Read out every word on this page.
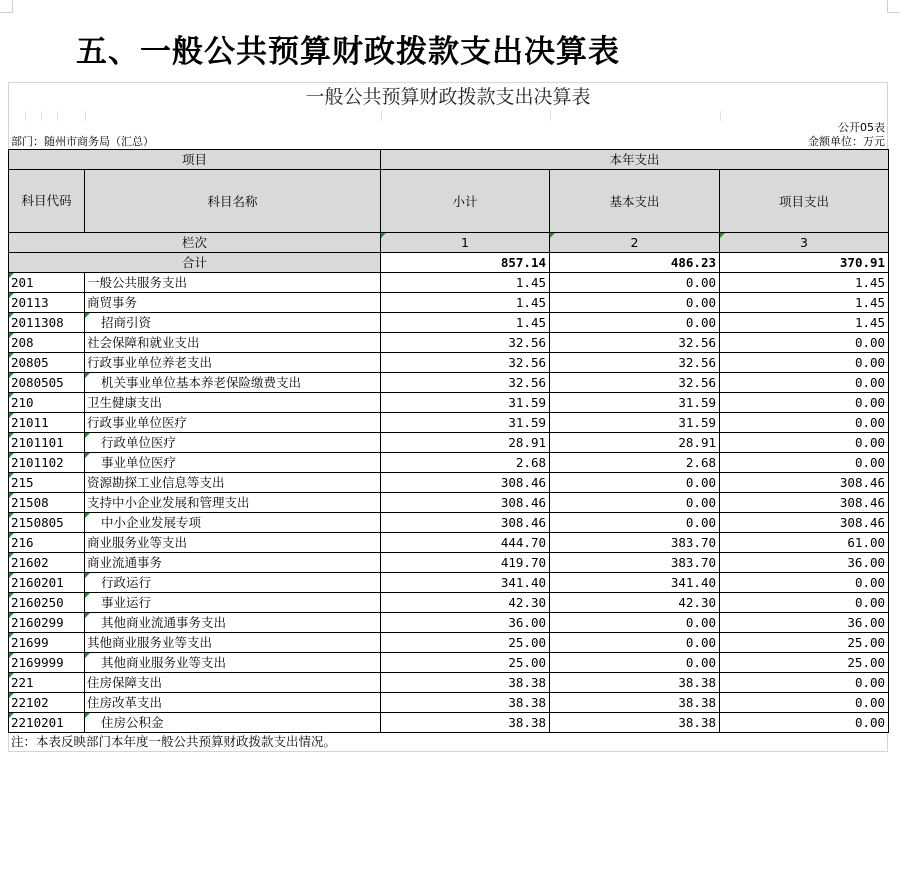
五、一般公共预算财政拨款支出决算表
一般公共预算财政拨款支出决算表
公开05表
部门：随州市商务局（汇总）	金额单位：万元
项目		本年支出		
科目代码	科目名称	小计	基本支出	项目支出
栏次		1	2	3
合计		857.14	486.23	370.91
201	一般公共服务支出	1.45	0.00	1.45
20113	商贸事务	1.45	0.00	1.45
2011308	招商引资	1.45	0.00	1.45
208	社会保障和就业支出	32.56	32.56	0.00
20805	行政事业单位养老支出	32.56	32.56	0.00
2080505	机关事业单位基本养老保险缴费支出	32.56	32.56	0.00
210	卫生健康支出	31.59	31.59	0.00
21011	行政事业单位医疗	31.59	31.59	0.00
2101101	行政单位医疗	28.91	28.91	0.00
2101102	事业单位医疗	2.68	2.68	0.00
215	资源勘探工业信息等支出	308.46	0.00	308.46
21508	支持中小企业发展和管理支出	308.46	0.00	308.46
2150805	中小企业发展专项	308.46	0.00	308.46
216	商业服务业等支出	444.70	383.70	61.00
21602	商业流通事务	419.70	383.70	36.00
2160201	行政运行	341.40	341.40	0.00
2160250	事业运行	42.30	42.30	0.00
2160299	其他商业流通事务支出	36.00	0.00	36.00
21699	其他商业服务业等支出	25.00	0.00	25.00
2169999	其他商业服务业等支出	25.00	0.00	25.00
221	住房保障支出	38.38	38.38	0.00
22102	住房改革支出	38.38	38.38	0.00
2210201	住房公积金	38.38	38.38	0.00
注：本表反映部门本年度一般公共预算财政拨款支出情况。
